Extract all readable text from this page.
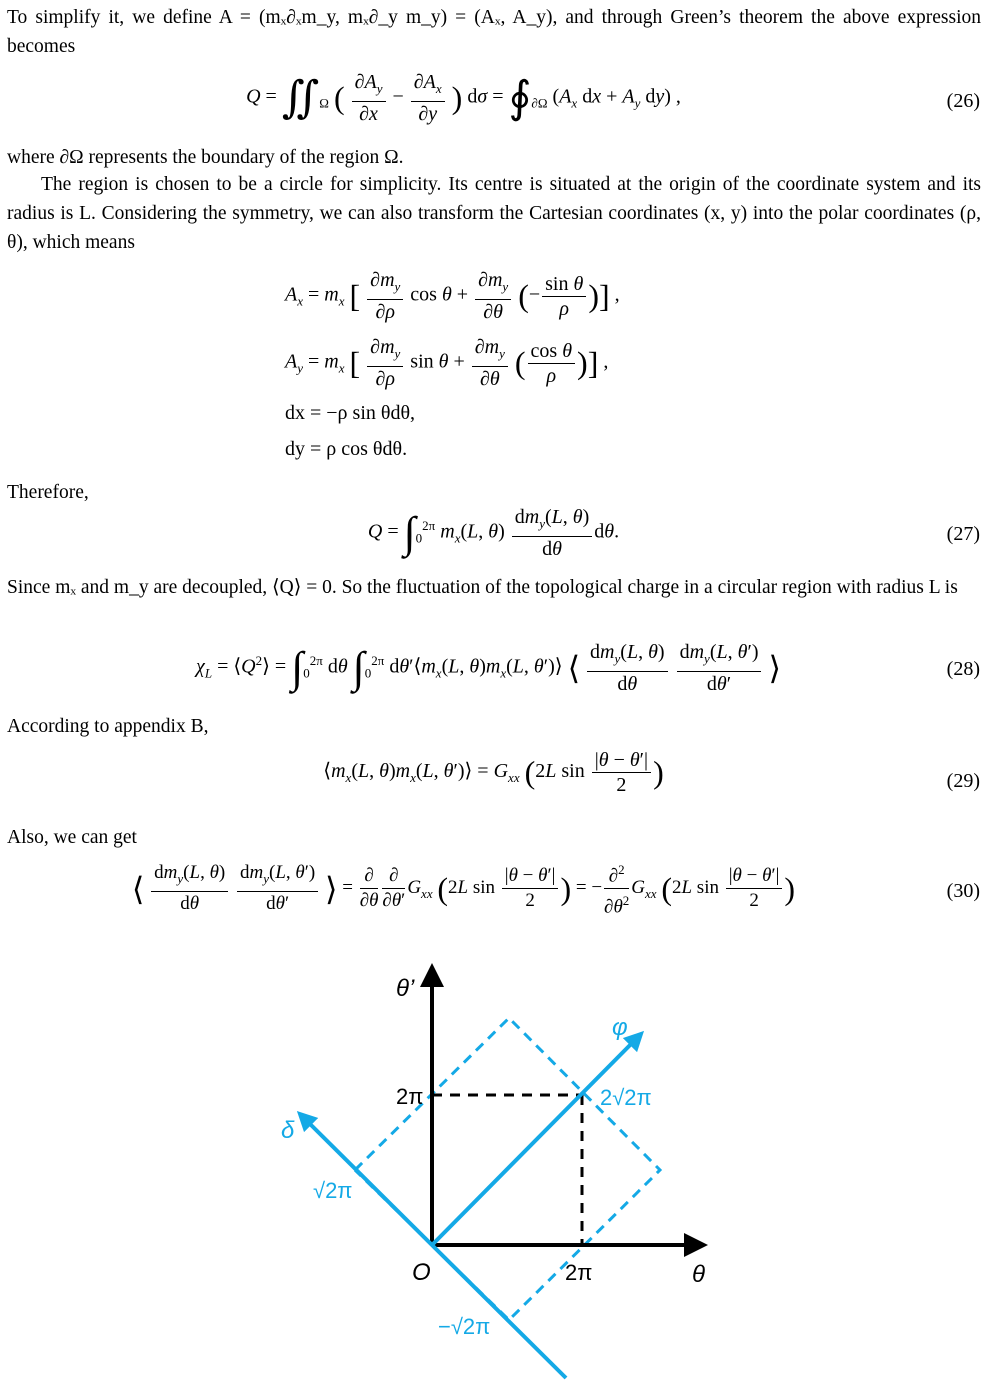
To simplify it, we define A = (mₓ∂ₓm_y, mₓ∂_y m_y) = (Aₓ, A_y), and through Green’s theorem the above expression becomes
$Q = ∬_\Omega$ ( $\frac{\partial A_y}{\partial x} - \frac{\partial A_x}{\partial y}$ ) $d\sigma = ∮_{\partial\Omega}$ ($A_x$ dx + $A_y$ dy) ,	(26)
where ∂Ω represents the boundary of the region Ω.
The region is chosen to be a circle for simplicity. Its centre is situated at the origin of the coordinate system and its radius is L. Considering the symmetry, we can also transform the Cartesian coordinates (x, y) into the polar coordinates (ρ, θ), which means
$A_x = m_x$ [ $\frac{\partial m_y}{\partial\rho}$ $\cos \theta + \frac{\partial m_y}{\partial\theta}$ (− $\frac{\text{sin θ}}{\rho}$ )] ,
$A_y = m_x$ [ $\frac{\partial m_y}{\partial\rho}$ $\sin \theta + \frac{\partial m_y}{\partial\theta}$ ( $\frac{\text{cos θ}}{\rho}$ )] ,
dx = −ρ sin θdθ,
dy = ρ cos θdθ.
Therefore,
$Q = \int_0^{2\pi}$ $m_x(L$, $\theta) \frac{dm_y(L, \theta)}{d\theta} d\theta$.	(27)
Since mₓ and m_y are decoupled, ⟨Q⟩ = 0. So the fluctuation of the topological charge in a circular region with radius L is
$\chi_L$ = $⟨Q^2⟩ = \int_0^{2\pi}$ dθ $\int_0^{2\pi}$ $d\theta'⟨m_x(L$, $\theta)m_x(L$, θ′)⟩ ⟨ $\frac{dm_y(L, \theta)}{d\theta}$
$\frac{dm_y(L, \theta')}{d\theta'}$ ⟩	(28)
According to appendix B,
$⟨m_x(L$, $\theta)m_x(L$, θ′)⟩ = $G_{xx}$ (2L $\sin \frac{|\theta - \theta'|}{2}$ )	(29)
Also, we can get
⟨ $\frac{dm_y(L, \theta)}{d\theta}$
$\frac{dm_y(L, \theta')}{d\theta'}$ ⟩ = $\frac{\partial}{\partial\theta} \frac{\partial}{\partial\theta'} G_{xx}$ (2L $\sin \frac{|\theta - \theta'|}{2}$ ) = − $\frac{\partial^2}{\partial\theta^2} G_{xx}$ (2L $\sin \frac{|\theta - \theta'|}{2}$ )	(30)
θ’
φ
δ
2π	2√2π
√2π
O	2π	θ
−√2π
